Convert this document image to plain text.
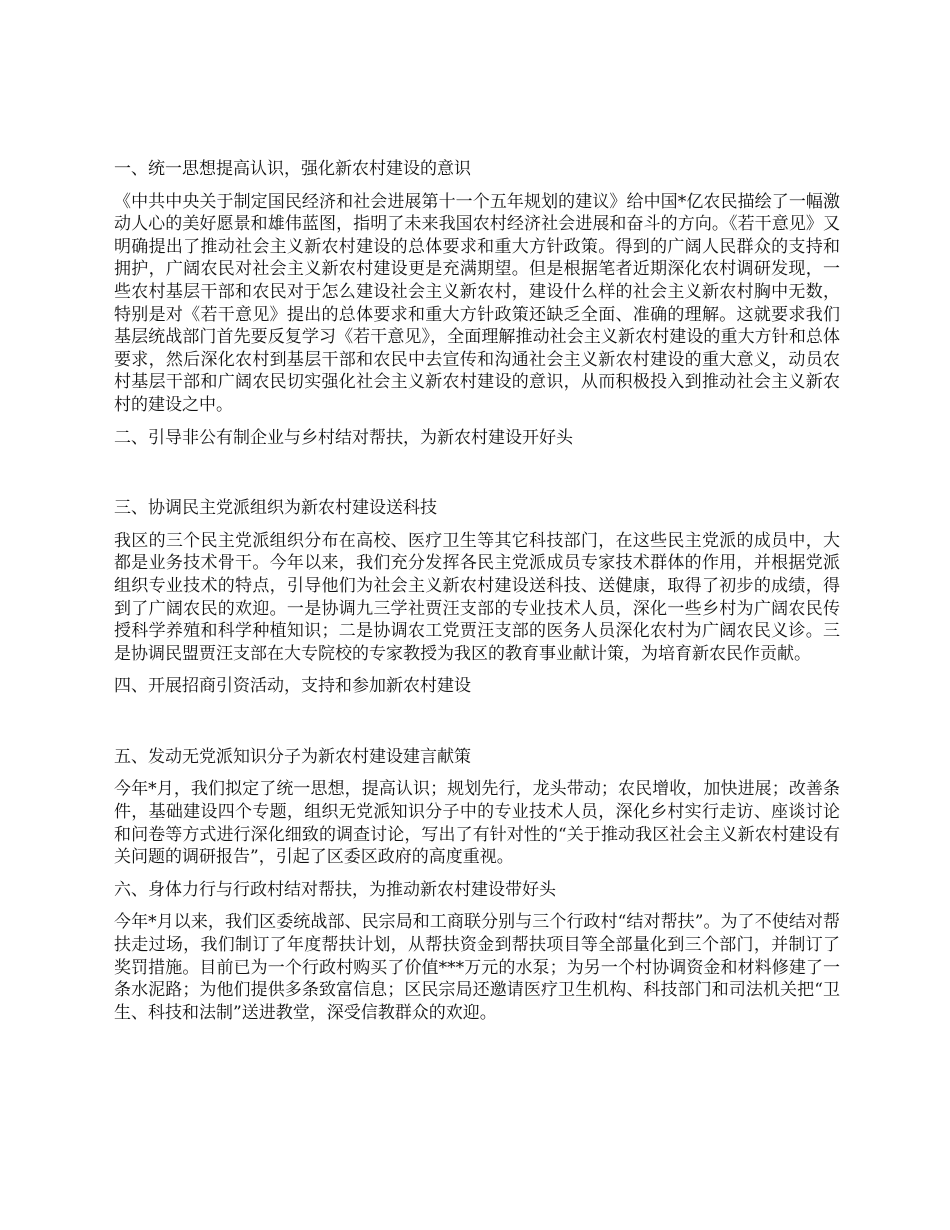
一、统一思想提高认识，强化新农村建设的意识

《中共中央关于制定国民经济和社会进展第十一个五年规划的建议》给中国*亿农民描绘了一幅激动人心的美好愿景和雄伟蓝图，指明了未来我国农村经济社会进展和奋斗的方向。《若干意见》又明确提出了推动社会主义新农村建设的总体要求和重大方针政策。得到的广阔人民群众的支持和拥护，广阔农民对社会主义新农村建设更是充满期望。但是根据笔者近期深化农村调研发现，一些农村基层干部和农民对于怎么建设社会主义新农村，建设什么样的社会主义新农村胸中无数，特别是对《若干意见》提出的总体要求和重大方针政策还缺乏全面、准确的理解。这就要求我们基层统战部门首先要反复学习《若干意见》，全面理解推动社会主义新农村建设的重大方针和总体要求，然后深化农村到基层干部和农民中去宣传和沟通社会主义新农村建设的重大意义，动员农村基层干部和广阔农民切实强化社会主义新农村建设的意识，从而积极投入到推动社会主义新农村的建设之中。

二、引导非公有制企业与乡村结对帮扶，为新农村建设开好头

三、协调民主党派组织为新农村建设送科技

我区的三个民主党派组织分布在高校、医疗卫生等其它科技部门，在这些民主党派的成员中，大都是业务技术骨干。今年以来，我们充分发挥各民主党派成员专家技术群体的作用，并根据党派组织专业技术的特点，引导他们为社会主义新农村建设送科技、送健康，取得了初步的成绩，得到了广阔农民的欢迎。一是协调九三学社贾汪支部的专业技术人员，深化一些乡村为广阔农民传授科学养殖和科学种植知识；二是协调农工党贾汪支部的医务人员深化农村为广阔农民义诊。三是协调民盟贾汪支部在大专院校的专家教授为我区的教育事业献计策，为培育新农民作贡献。

四、开展招商引资活动，支持和参加新农村建设

五、发动无党派知识分子为新农村建设建言献策

今年*月，我们拟定了统一思想，提高认识；规划先行，龙头带动；农民增收，加快进展；改善条件，基础建设四个专题，组织无党派知识分子中的专业技术人员，深化乡村实行走访、座谈讨论和问卷等方式进行深化细致的调查讨论，写出了有针对性的“关于推动我区社会主义新农村建设有关问题的调研报告”，引起了区委区政府的高度重视。

六、身体力行与行政村结对帮扶，为推动新农村建设带好头

今年*月以来，我们区委统战部、民宗局和工商联分别与三个行政村“结对帮扶”。为了不使结对帮扶走过场，我们制订了年度帮扶计划，从帮扶资金到帮扶项目等全部量化到三个部门，并制订了奖罚措施。目前已为一个行政村购买了价值***万元的水泵；为另一个村协调资金和材料修建了一条水泥路；为他们提供多条致富信息；区民宗局还邀请医疗卫生机构、科技部门和司法机关把“卫生、科技和法制”送进教堂，深受信教群众的欢迎。
